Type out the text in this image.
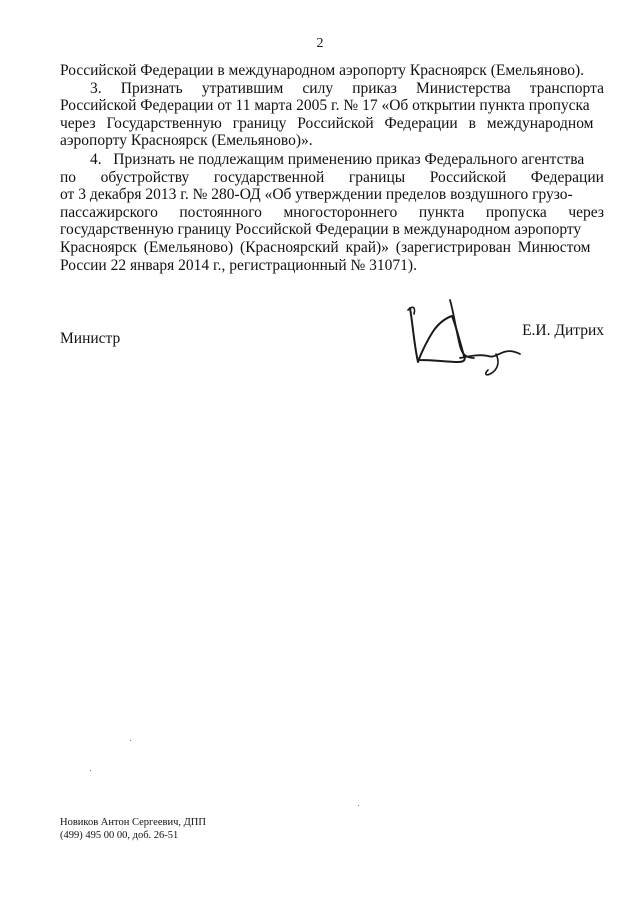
2
Российской Федерации в международном аэропорту Красноярск (Емельяново).
3. Признать утратившим силу приказ Министерства транспорта
Российской Федерации от 11 марта 2005 г. № 17 «Об открытии пункта пропуска
через Государственную границу Российской Федерации в международном
аэропорту Красноярск (Емельяново)».
4.   Признать не подлежащим применению приказ Федерального агентства
по обустройству государственной границы Российской Федерации
от 3 декабря 2013 г. № 280-ОД «Об утверждении пределов воздушного грузо-
пассажирского постоянного многостороннего пункта пропуска через
государственную границу Российской Федерации в международном аэропорту
Красноярск (Емельяново) (Красноярский край)» (зарегистрирован Минюстом
России 22 января 2014 г., регистрационный № 31071).
Министр	Е.И. Дитрих
Новиков Антон Сергеевич, ДПП
(499) 495 00 00, доб. 26-51
